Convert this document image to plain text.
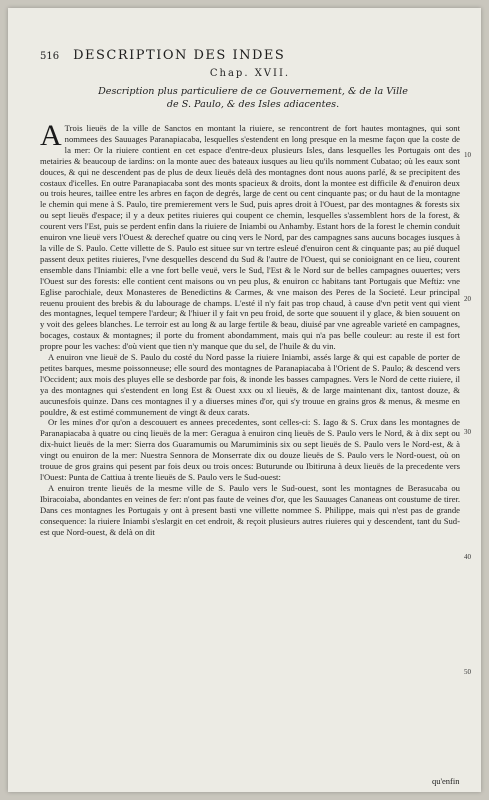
516 DESCRIPTION DES INDES
Chap. XVII.
Description plus particuliere de ce Gouvernement, & de la Ville
de S. Paulo, & des Isles adiacentes.

A Trois lieuës de la ville de Sanctos en montant la riuiere, se rencontrent de fort hautes montagnes, qui sont nommees des Sauuages Paranapiacaba, lesquelles s'estendent en long presque en la mesme façon que la coste de la mer: Or la riuiere contient en cet espace d'entre-deux plusieurs Isles, dans lesquelles les Portugais ont des metairies & beaucoup de iardins: on la monte auec des bateaux iusques au lieu qu'ils nomment Cubatao; où les eaux sont douces, & qui ne descendent pas de plus de deux lieuës delà des montagnes dont nous auons parlé, & se precipitent des costaux d'icelles. En outre Paranapiacaba sont des monts spacieux & droits, dont la montee est difficile & d'enuiron deux ou trois heures, taillee entre les arbres en façon de degrés, large de cent ou cent cinquante pas; or du haut de la montagne le chemin qui mene à S. Paulo, tire premierement vers le Sud, puis apres droit à l'Ouest, par des montagnes & forests six ou sept lieuës d'espace; il y a deux petites riuieres qui coupent ce chemin, lesquelles s'assemblent hors de la forest, & courent vers l'Est, puis se perdent enfin dans la riuiere de Iniambi ou Anhamby. Estant hors de la forest le chemin conduit enuiron vne lieuë vers l'Ouest & derechef quatre ou cinq vers le Nord, par des campagnes sans aucuns bocages iusques à la ville de S. Paulo. Cette villette de S. Paulo est situee sur vn tertre esleué d'enuiron cent & cinquante pas; au pié duquel passent deux petites riuieres, l'vne desquelles descend du Sud & l'autre de l'Ouest, qui se conioignant en ce lieu, courent ensemble dans l'Iniambi: elle a vne fort belle veuë, vers le Sud, l'Est & le Nord sur de belles campagnes ouuertes; vers l'Ouest sur des forests: elle contient cent maisons ou vn peu plus, & enuiron cc habitans tant Portugais que Meftiz: vne Eglise parochiale, deux Monasteres de Benedictins & Carmes, & vne maison des Peres de la Societé. Leur principal reuenu prouient des brebis & du labourage de champs. L'esté il n'y fait pas trop chaud, à cause d'vn petit vent qui vient des montagnes, lequel tempere l'ardeur; & l'hiuer il y fait vn peu froid, de sorte que souuent il y glace, & bien souuent on y voit des gelees blanches. Le terroir est au long & au large fertile & beau, diuisé par vne agreable varieté en campagnes, bocages, costaux & montagnes; il porte du froment abondamment, mais qui n'a pas belle couleur: au reste il est fort propre pour les vaches: d'où vient que tien n'y manque que du sel, de l'huile & du vin.

A enuiron vne lieuë de S. Paulo du costé du Nord passe la riuiere Iniambi, assés large & qui est capable de porter de petites barques, mesme poissonneuse; elle sourd des montagnes de Paranapiacaba à l'Orient de S. Paulo; & descend vers l'Occident; aux mois des pluyes elle se desborde par fois, & inonde les basses campagnes. Vers le Nord de cette riuiere, il ya des montagnes qui s'estendent en long Est & Ouest xxx ou xl lieuës, & de large maintenant dix, tantost douze, & aucunesfois quinze. Dans ces montagnes il y a diuerses mines d'or, qui s'y trouue en grains gros & menus, & mesme en pouldre, & est estimé communement de vingt & deux carats.

Or les mines d'or qu'on a descouuert es annees precedentes, sont celles-ci: S. Iago & S. Crux dans les montagnes de Paranapiacaba à quatre ou cinq lieuës de la mer: Geragua à enuiron cinq lieuës de S. Paulo vers le Nord, & à dix sept ou dix-huict lieuës de la mer: Sierra dos Guaramumis ou Marumiminis six ou sept lieuës de S. Paulo vers le Nord-est, & à vingt ou enuiron de la mer: Nuestra Sennora de Monserrate dix ou douze lieuës de S. Paulo vers le Nord-ouest, où on trouue de gros grains qui pesent par fois deux ou trois onces: Buturunde ou Ibitiruna à deux lieuës de la precedente vers l'Ouest: Punta de Cattiua à trente lieuës de S. Paulo vers le Sud-ouest:

A enuiron trente lieuës de la mesme ville de S. Paulo vers le Sud-ouest, sont les montagnes de Berasucaba ou Ibiracoiaba, abondantes en veines de fer: n'ont pas faute de veines d'or, que les Sauuages Cananeas ont coustume de tirer. Dans ces montagnes les Portugais y ont à present basti vne villette nommee S. Philippe, mais qui n'est pas de grande consequence: la riuiere Iniambi s'eslargit en cet endroit, & reçoit plusieurs autres riuieres qui y descendent, tant du Sud-est que Nord-ouest, & delà on dit

10
20
30
40
50
qu'enfin
